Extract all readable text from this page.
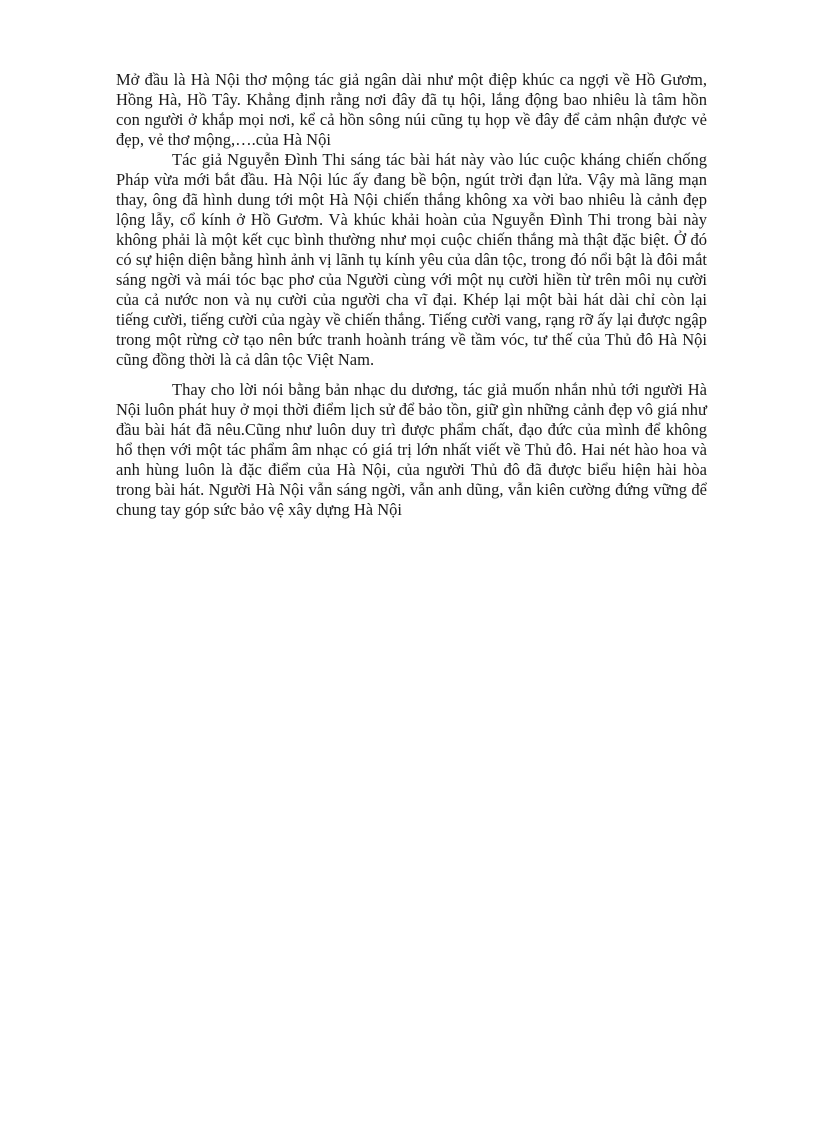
Mở đầu là Hà Nội thơ mộng tác giả ngân dài như một điệp khúc ca ngợi về Hồ Gươm, Hồng Hà, Hồ Tây. Khẳng định rằng nơi đây đã tụ hội, lắng động bao nhiêu là tâm hồn con người ở khắp mọi nơi, kể cả hồn sông núi cũng tụ họp về đây để cảm nhận được vẻ đẹp, vẻ thơ mộng,….của Hà Nội

Tác giả Nguyễn Đình Thi sáng tác bài hát này vào lúc cuộc kháng chiến chống Pháp vừa mới bắt đầu. Hà Nội lúc ấy đang bề bộn, ngút trời đạn lửa. Vậy mà lãng mạn thay, ông đã hình dung tới một Hà Nội chiến thắng không xa vời bao nhiêu là cảnh đẹp lộng lẫy, cổ kính ở Hồ Gươm. Và khúc khải hoàn của Nguyễn Đình Thi trong bài này không phải là một kết cục bình thường như mọi cuộc chiến thắng mà thật đặc biệt. Ở đó có sự hiện diện bằng hình ảnh vị lãnh tụ kính yêu của dân tộc, trong đó nổi bật là đôi mắt sáng ngời và mái tóc bạc phơ của Người cùng với một nụ cười hiền từ trên môi nụ cười của cả nước non và nụ cười của người cha vĩ đại. Khép lại một bài hát dài chỉ còn lại tiếng cười, tiếng cười của ngày về chiến thắng. Tiếng cười vang, rạng rỡ ấy lại được ngập trong một rừng cờ tạo nên bức tranh hoành tráng về tầm vóc, tư thế của Thủ đô Hà Nội cũng đồng thời là cả dân tộc Việt Nam.

Thay cho lời nói bằng bản nhạc du dương, tác giả muốn nhắn nhủ tới người Hà Nội luôn phát huy ở mọi thời điểm lịch sử để bảo tồn, giữ gìn những cảnh đẹp vô giá như đầu bài hát đã nêu.Cũng như luôn duy trì được phẩm chất, đạo đức của mình để không hổ thẹn với một tác phẩm âm nhạc có giá trị lớn nhất viết về Thủ đô. Hai nét hào hoa và anh hùng luôn là đặc điểm của Hà Nội, của người Thủ đô đã được biểu hiện hài hòa trong bài hát. Người Hà Nội vẫn sáng ngời, vẫn anh dũng, vẫn kiên cường đứng vững để chung tay góp sức bảo vệ xây dựng Hà Nội
